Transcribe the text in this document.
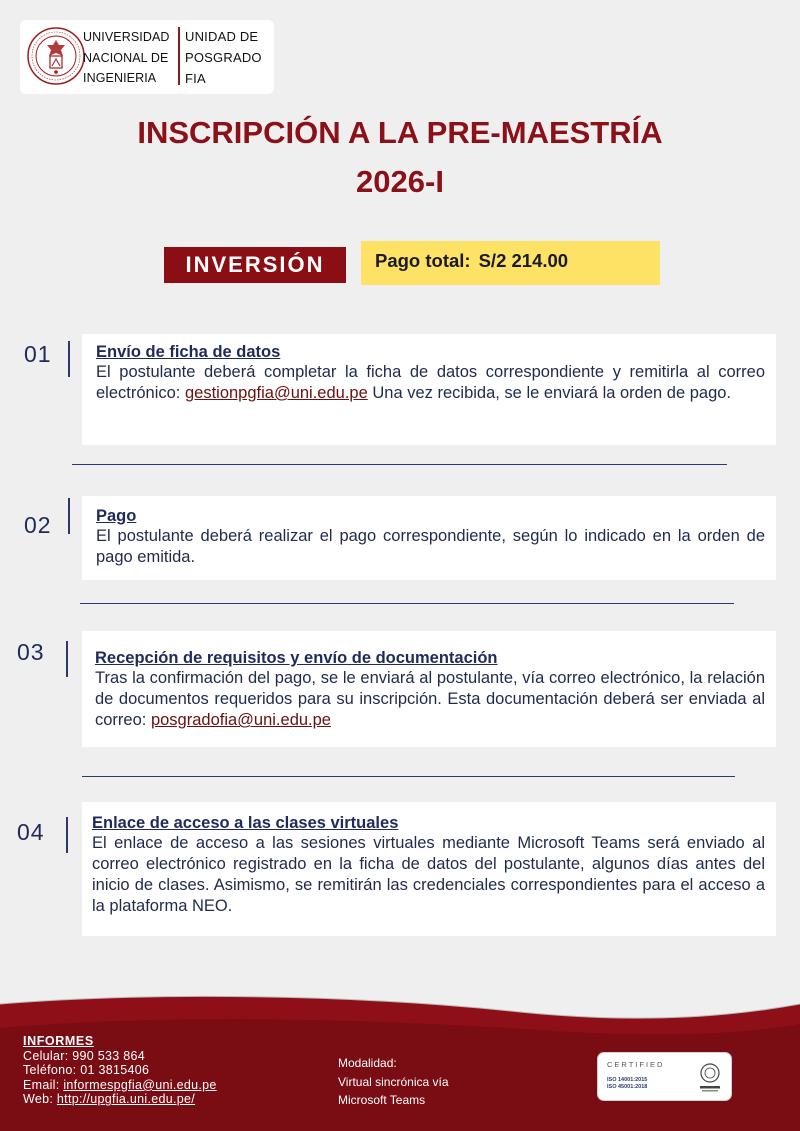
UNIVERSIDAD
NACIONAL DE
INGENIERIA
UNIDAD DE
POSGRADO
FIA
INSCRIPCIÓN A LA PRE-MAESTRÍA
2026-I
INVERSIÓN	Pago total: S/2 214.00
01	Envío de ficha de datos
El postulante deberá completar la ficha de datos correspondiente y remitirla al correo electrónico: gestionpgfia@uni.edu.pe Una vez recibida, se le enviará la orden de pago.
02	Pago
El postulante deberá realizar el pago correspondiente, según lo indicado en la orden de pago emitida.
03	Recepción de requisitos y envío de documentación
Tras la confirmación del pago, se le enviará al postulante, vía correo electrónico, la relación de documentos requeridos para su inscripción. Esta documentación deberá ser enviada al correo: posgradofia@uni.edu.pe
04	Enlace de acceso a las clases virtuales
El enlace de acceso a las sesiones virtuales mediante Microsoft Teams será enviado al correo electrónico registrado en la ficha de datos del postulante, algunos días antes del inicio de clases. Asimismo, se remitirán las credenciales correspondientes para el acceso a la plataforma NEO.
INFORMES
Celular: 990 533 864
Teléfono: 01 3815406
Email: informespgfia@uni.edu.pe
Web: http://upgfia.uni.edu.pe/
Modalidad:
Virtual sincrónica vía
Microsoft Teams
CERTIFIED
ISO 14001:2015
ISO 45001:2018
